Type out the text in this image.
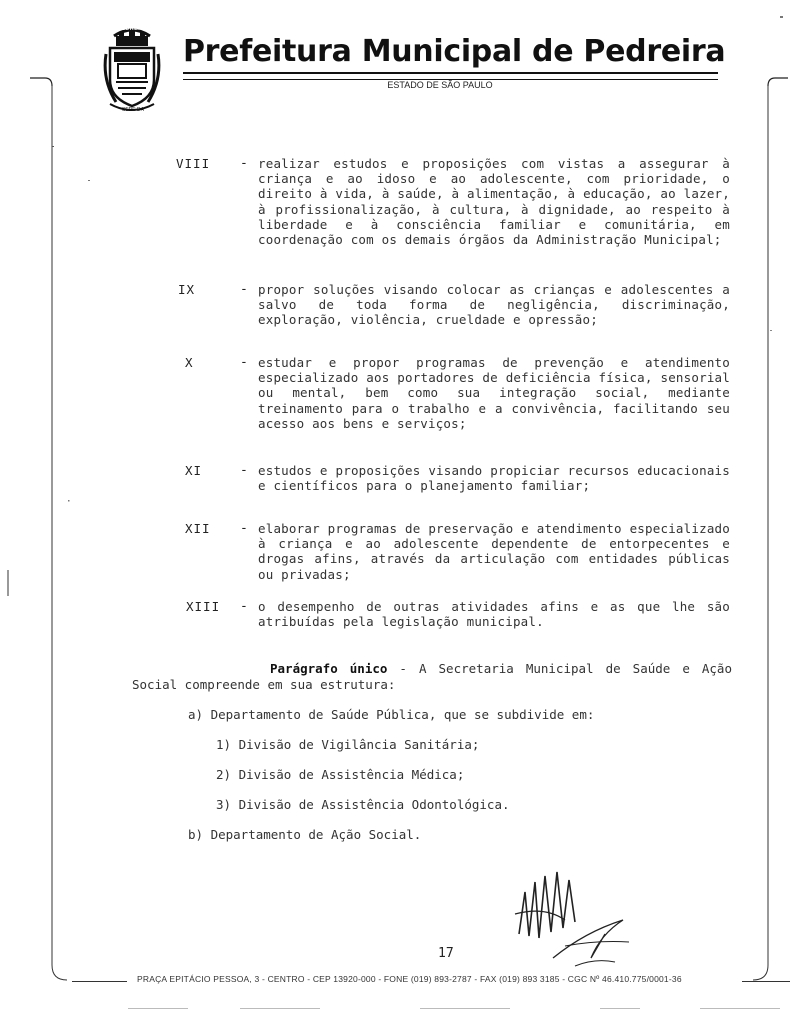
PEDREIRA
SEDE DA
Prefeitura Municipal de Pedreira
ESTADO DE SÃO PAULO
VIII - realizar estudos e proposições com vistas a assegurar à criança e ao idoso e ao adolescente, com prioridade, o direito à vida, à saúde, à alimentação, à educação, ao lazer, à profissionalização, à cultura, à dignidade, ao respeito à liberdade e à consciência familiar e comunitária, em coordenação com os demais órgãos da Administração Municipal;
IX	- propor soluções visando colocar as crianças e adolescentes a salvo de toda forma de negligência, discriminação, exploração, violência, crueldade e opressão;
X	- estudar e propor programas de prevenção e atendimento especializado aos portadores de deficiência física, sensorial ou mental, bem como sua integração social, mediante treinamento para o trabalho e a convivência, facilitando seu acesso aos bens e serviços;
XI	- estudos e proposições visando propiciar recursos educacionais e científicos para o planejamento familiar;
XII - elaborar programas de preservação e atendimento especializado à criança e ao adolescente dependente de entorpecentes e drogas afins, através da articulação com entidades públicas ou privadas;
XIII - o desempenho de outras atividades afins e as que lhe são atribuídas pela legislação municipal.
Parágrafo único - A Secretaria Municipal de Saúde e Ação Social compreende em sua estrutura:
a) Departamento de Saúde Pública, que se subdivide em:
1) Divisão de Vigilância Sanitária;
2) Divisão de Assistência Médica;
3) Divisão de Assistência Odontológica.
b) Departamento de Ação Social.
17
PRAÇA EPITÁCIO PESSOA, 3 - CENTRO - CEP 13920-000 - FONE (019) 893-2787 - FAX (019) 893 3185 - CGC Nº 46.410.775/0001-36
